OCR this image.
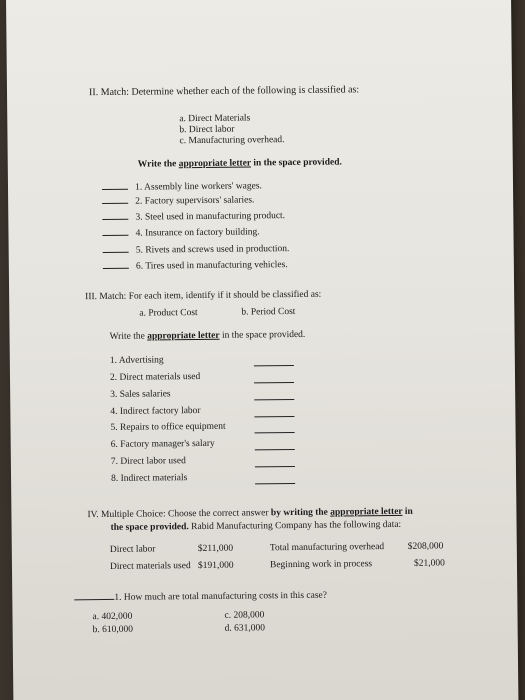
II. Match: Determine whether each of the following is classified as:
a. Direct Materials
b. Direct labor
c. Manufacturing overhead.
Write the appropriate letter in the space provided.
1. Assembly line workers' wages.
2. Factory supervisors' salaries.
3. Steel used in manufacturing product.
4. Insurance on factory building.
5. Rivets and screws used in production.
6. Tires used in manufacturing vehicles.
III. Match: For each item, identify if it should be classified as:
a. Product Cost	b. Period Cost
Write the appropriate letter in the space provided.
1. Advertising
2. Direct materials used
3. Sales salaries
4. Indirect factory labor
5. Repairs to office equipment
6. Factory manager's salary
7. Direct labor used
8. Indirect materials
IV. Multiple Choice: Choose the correct answer by writing the appropriate letter in
the space provided. Rabid Manufacturing Company has the following data:
Direct labor	$211,000	Total manufacturing overhead $208,000
Direct materials used $191,000	Beginning work in process	$21,000
1. How much are total manufacturing costs in this case?
a. 402,000
b. 610,000
c. 208,000
d. 631,000
